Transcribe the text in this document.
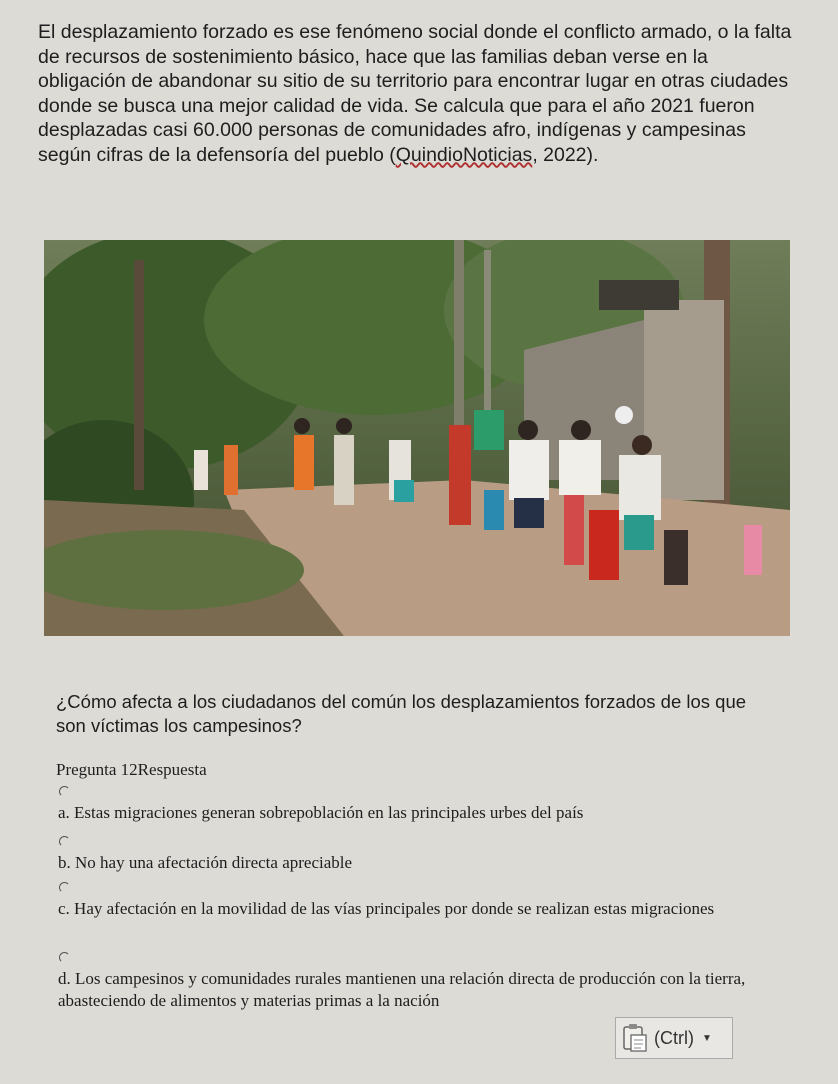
El desplazamiento forzado es ese fenómeno social donde el conflicto armado, o la falta de recursos de sostenimiento básico, hace que las familias deban verse en la obligación de abandonar su sitio de su territorio para encontrar lugar en otras ciudades donde se busca una mejor calidad de vida. Se calcula que para el año 2021 fueron desplazadas casi 60.000 personas de comunidades afro, indígenas y campesinas según cifras de la defensoría del pueblo (QuindioNoticias, 2022).
¿Cómo afecta a los ciudadanos del común los desplazamientos forzados de los que son víctimas los campesinos?
Pregunta 12Respuesta
a. Estas migraciones generan sobrepoblación en las principales urbes del país
b. No hay una afectación directa apreciable
c. Hay afectación en la movilidad de las vías principales por donde se realizan estas migraciones
d. Los campesinos y comunidades rurales mantienen una relación directa de producción con la tierra, abasteciendo de alimentos y materias primas a la nación
(Ctrl) ▼
